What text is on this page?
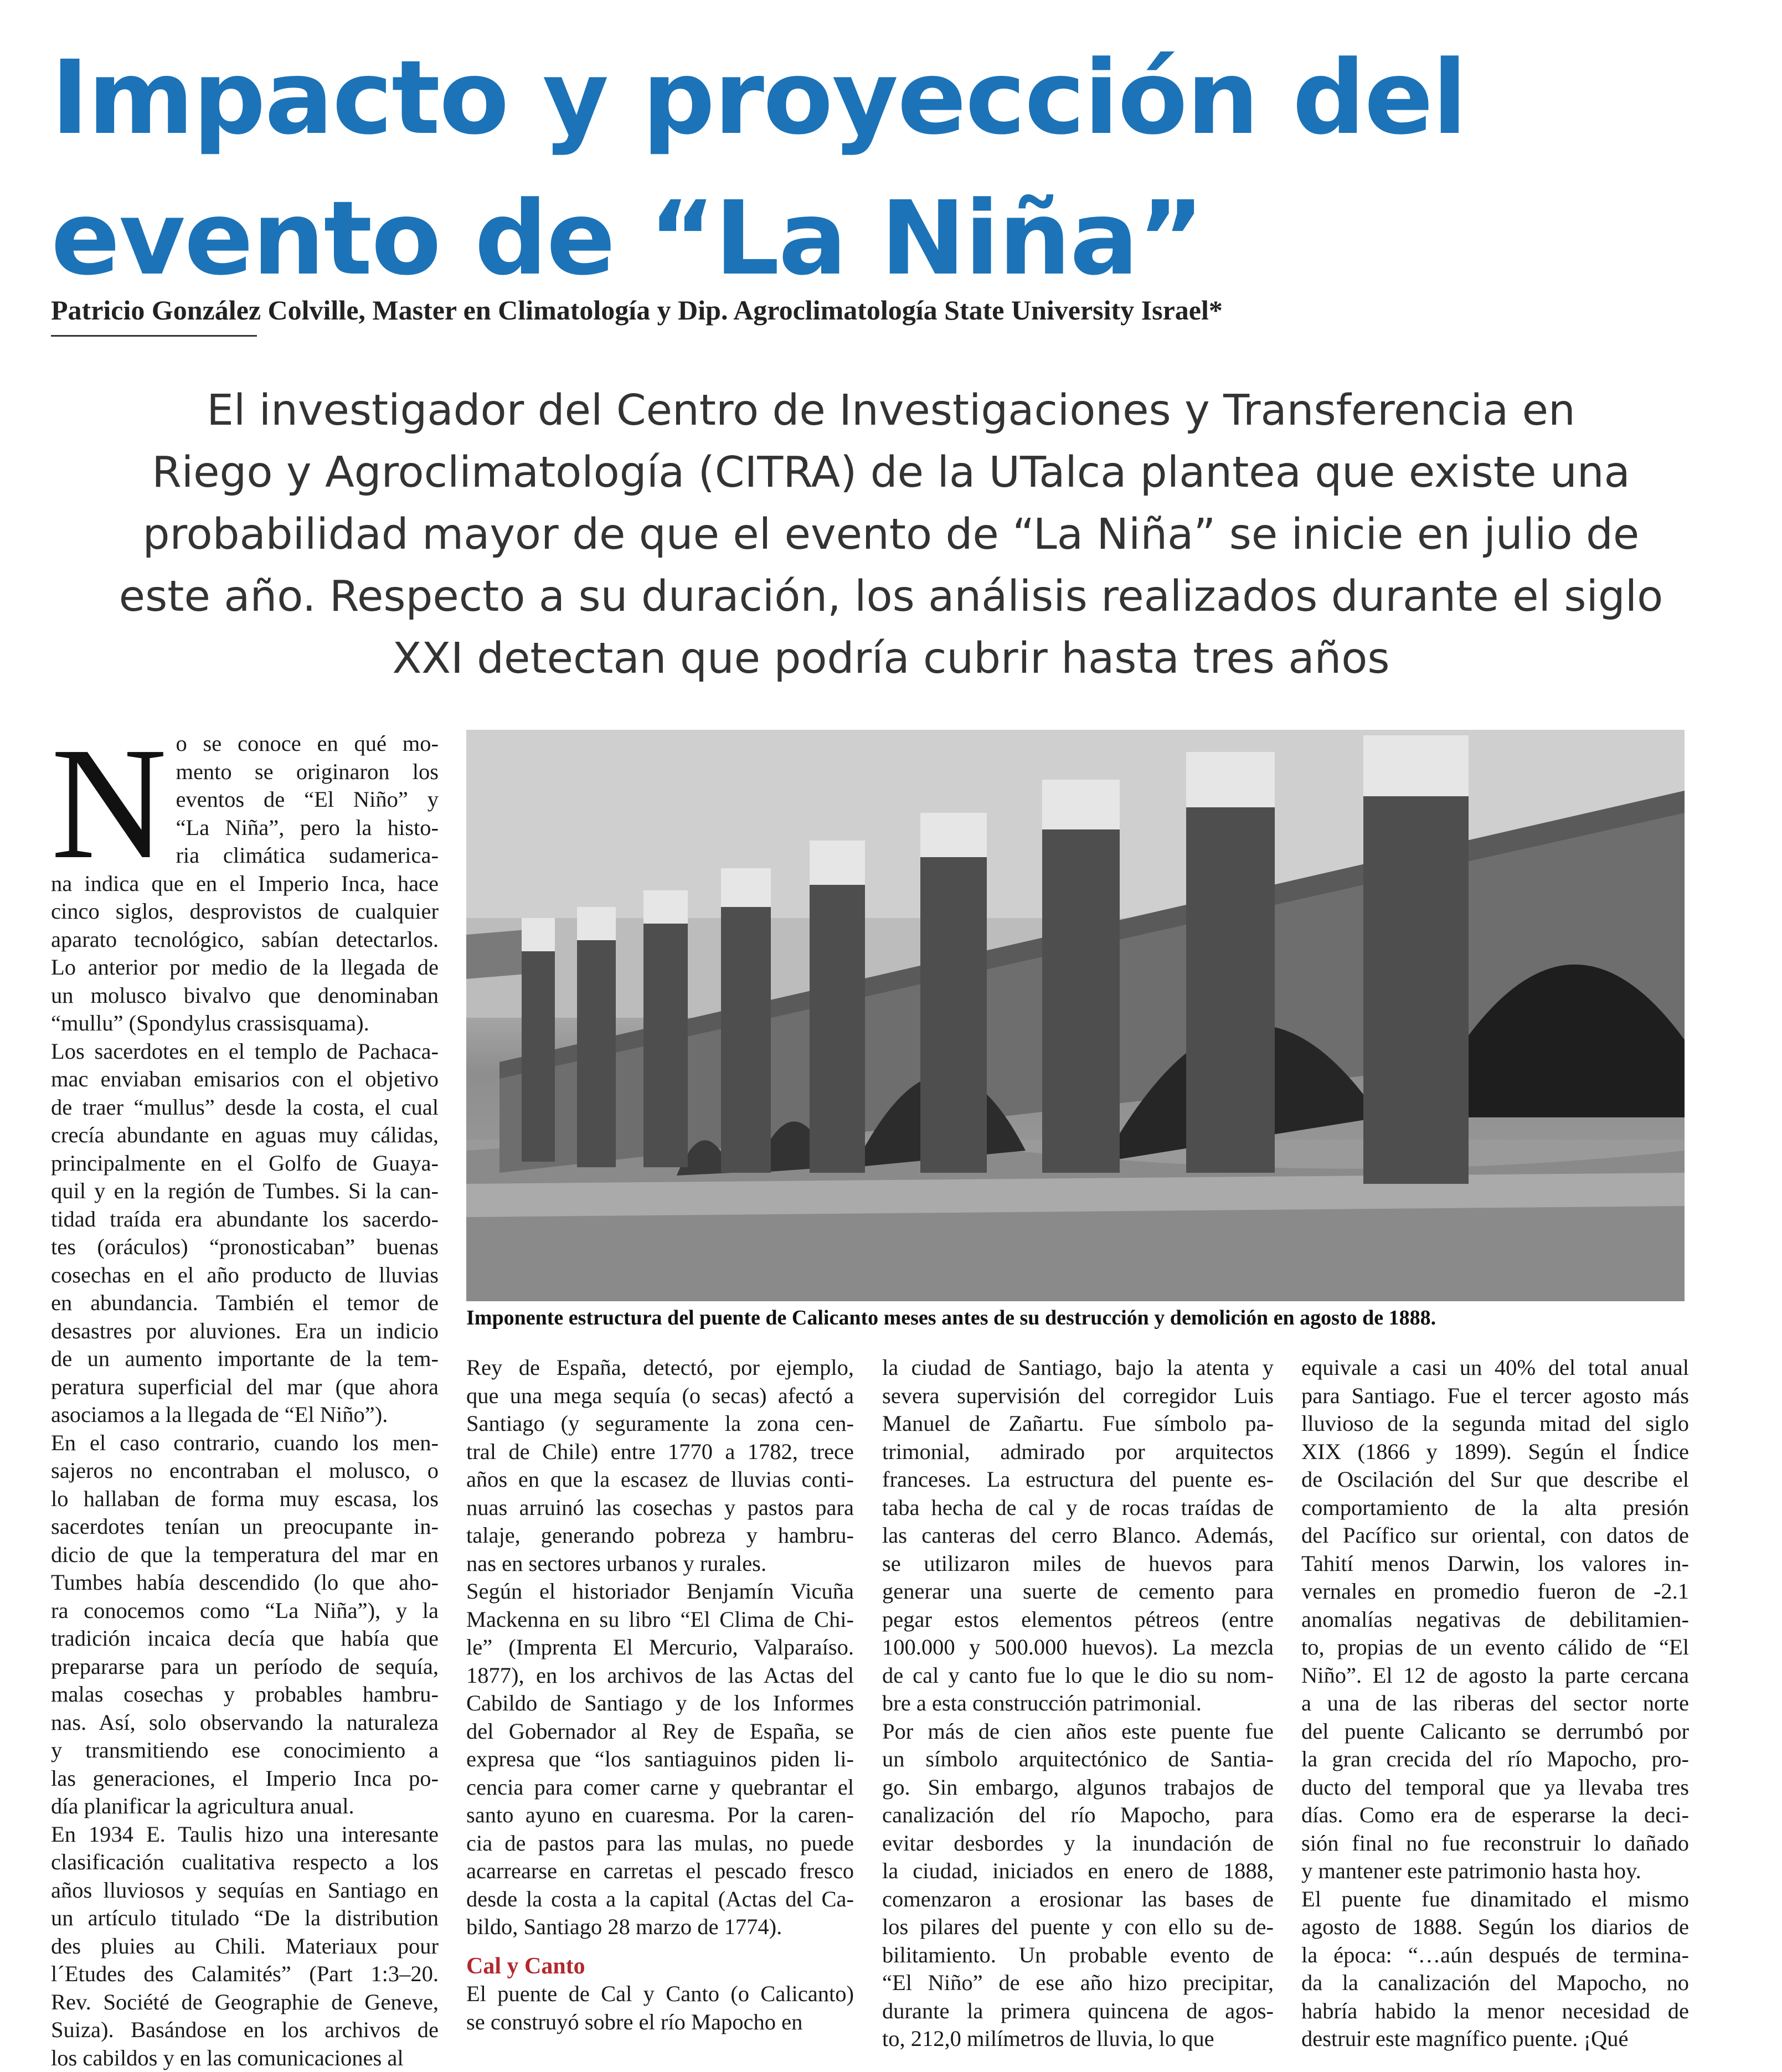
Impacto y proyección del
evento de “La Niña”
Patricio González Colville, Master en Climatología y Dip. Agroclimatología State University Israel*

El investigador del Centro de Investigaciones y Transferencia en
Riego y Agroclimatología (CITRA) de la UTalca plantea que existe una
probabilidad mayor de que el evento de “La Niña” se inicie en julio de
este año. Respecto a su duración, los análisis realizados durante el siglo
XXI detectan que podría cubrir hasta tres años

N o se conoce en qué mo-
mento se originaron los
eventos de “El Niño” y
“La Niña”, pero la histo-
ria climática sudamerica-
na indica que en el Imperio Inca, hace
cinco siglos, desprovistos de cualquier
aparato tecnológico, sabían detectarlos.
Lo anterior por medio de la llegada de
un molusco bivalvo que denominaban
“mullu” (Spondylus crassisquama).
Los sacerdotes en el templo de Pachaca-
mac enviaban emisarios con el objetivo
de traer “mullus” desde la costa, el cual
crecía abundante en aguas muy cálidas,
principalmente en el Golfo de Guaya-
quil y en la región de Tumbes. Si la can-
tidad traída era abundante los sacerdo-
tes (oráculos) “pronosticaban” buenas
cosechas en el año producto de lluvias
en abundancia. También el temor de
desastres por aluviones. Era un indicio
de un aumento importante de la tem-
peratura superficial del mar (que ahora
asociamos a la llegada de “El Niño”).
En el caso contrario, cuando los men-
sajeros no encontraban el molusco, o
lo hallaban de forma muy escasa, los
sacerdotes tenían un preocupante in-
dicio de que la temperatura del mar en
Tumbes había descendido (lo que aho-
ra conocemos como “La Niña”), y la
tradición incaica decía que había que
prepararse para un período de sequía,
malas cosechas y probables hambru-
nas. Así, solo observando la naturaleza
y transmitiendo ese conocimiento a
las generaciones, el Imperio Inca po-
día planificar la agricultura anual.
En 1934 E. Taulis hizo una interesante
clasificación cualitativa respecto a los
años lluviosos y sequías en Santiago en
un artículo titulado “De la distribution
des pluies au Chili. Materiaux pour
l´Etudes des Calamités” (Part 1:3–20.
Rev. Société de Geographie de Geneve,
Suiza). Basándose en los archivos de
los cabildos y en las comunicaciones al
Imponente estructura del puente de Calicanto meses antes de su destrucción y demolición en agosto de 1888.
Rey de España, detectó, por ejemplo,
que una mega sequía (o secas) afectó a
Santiago (y seguramente la zona cen-
tral de Chile) entre 1770 a 1782, trece
años en que la escasez de lluvias conti-
nuas arruinó las cosechas y pastos para
talaje, generando pobreza y hambru-
nas en sectores urbanos y rurales.
Según el historiador Benjamín Vicuña
Mackenna en su libro “El Clima de Chi-
le” (Imprenta El Mercurio, Valparaíso.
1877), en los archivos de las Actas del
Cabildo de Santiago y de los Informes
del Gobernador al Rey de España, se
expresa que “los santiaguinos piden li-
cencia para comer carne y quebrantar el
santo ayuno en cuaresma. Por la caren-
cia de pastos para las mulas, no puede
acarrearse en carretas el pescado fresco
desde la costa a la capital (Actas del Ca-
bildo, Santiago 28 marzo de 1774).

Cal y Canto

El puente de Cal y Canto (o Calicanto)
se construyó sobre el río Mapocho en
la ciudad de Santiago, bajo la atenta y
severa supervisión del corregidor Luis
Manuel de Zañartu. Fue símbolo pa-
trimonial, admirado por arquitectos
franceses. La estructura del puente es-
taba hecha de cal y de rocas traídas de
las canteras del cerro Blanco. Además,
se utilizaron miles de huevos para
generar una suerte de cemento para
pegar estos elementos pétreos (entre
100.000 y 500.000 huevos). La mezcla
de cal y canto fue lo que le dio su nom-
bre a esta construcción patrimonial.
Por más de cien años este puente fue
un símbolo arquitectónico de Santia-
go. Sin embargo, algunos trabajos de
canalización del río Mapocho, para
evitar desbordes y la inundación de
la ciudad, iniciados en enero de 1888,
comenzaron a erosionar las bases de
los pilares del puente y con ello su de-
bilitamiento. Un probable evento de
“El Niño” de ese año hizo precipitar,
durante la primera quincena de agos-
to, 212,0 milímetros de lluvia, lo que
equivale a casi un 40% del total anual
para Santiago. Fue el tercer agosto más
lluvioso de la segunda mitad del siglo
XIX (1866 y 1899). Según el Índice
de Oscilación del Sur que describe el
comportamiento de la alta presión
del Pacífico sur oriental, con datos de
Tahití menos Darwin, los valores in-
vernales en promedio fueron de -2.1
anomalías negativas de debilitamien-
to, propias de un evento cálido de “El
Niño”. El 12 de agosto la parte cercana
a una de las riberas del sector norte
del puente Calicanto se derrumbó por
la gran crecida del río Mapocho, pro-
ducto del temporal que ya llevaba tres
días. Como era de esperarse la deci-
sión final no fue reconstruir lo dañado
y mantener este patrimonio hasta hoy.
El puente fue dinamitado el mismo
agosto de 1888. Según los diarios de
la época: “…aún después de termina-
da la canalización del Mapocho, no
habría habido la menor necesidad de
destruir este magnífico puente. ¡Qué
